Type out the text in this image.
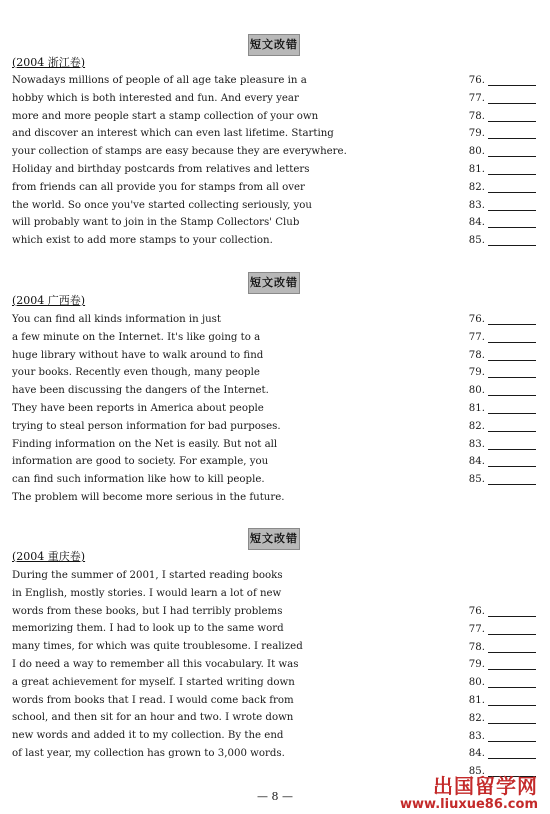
短文改错
(2004 浙江卷)
Nowadays millions of people of all age take pleasure in a
hobby which is both interested and fun. And every year
more and more people start a stamp collection of your own
and discover an interest which can even last lifetime. Starting
your collection of stamps are easy because they are everywhere.
Holiday and birthday postcards from relatives and letters
from friends can all provide you for stamps from all over
the world. So once you've started collecting seriously, you
will probably want to join in the Stamp Collectors' Club
which exist to add more stamps to your collection.
76.
77.
78.
79.
80.
81.
82.
83.
84.
85.
短文改错
(2004 广西卷)
You can find all kinds information in just
a few minute on the Internet. It's like going to a
huge library without have to walk around to find
your books. Recently even though, many people
have been discussing the dangers of the Internet.
They have been reports in America about people
trying to steal person information for bad purposes.
Finding information on the Net is easily. But not all
information are good to society. For example, you
can find such information like how to kill people.
The problem will become more serious in the future.
76.
77.
78.
79.
80.
81.
82.
83.
84.
85.
短文改错
(2004 重庆卷)
During the summer of 2001, I started reading books
in English, mostly stories. I would learn a lot of new
words from these books, but I had terribly problems
memorizing them. I had to look up to the same word
many times, for which was quite troublesome. I realized
I do need a way to remember all this vocabulary. It was
a great achievement for myself. I started writing down
words from books that I read. I would come back from
school, and then sit for an hour and two. I wrote down
new words and added it to my collection. By the end
of last year, my collection has grown to 3,000 words.
76.
77.
78.
79.
80.
81.
82.
83.
84.
85.
— 8 —	出国留学网
www.liuxue86.com
